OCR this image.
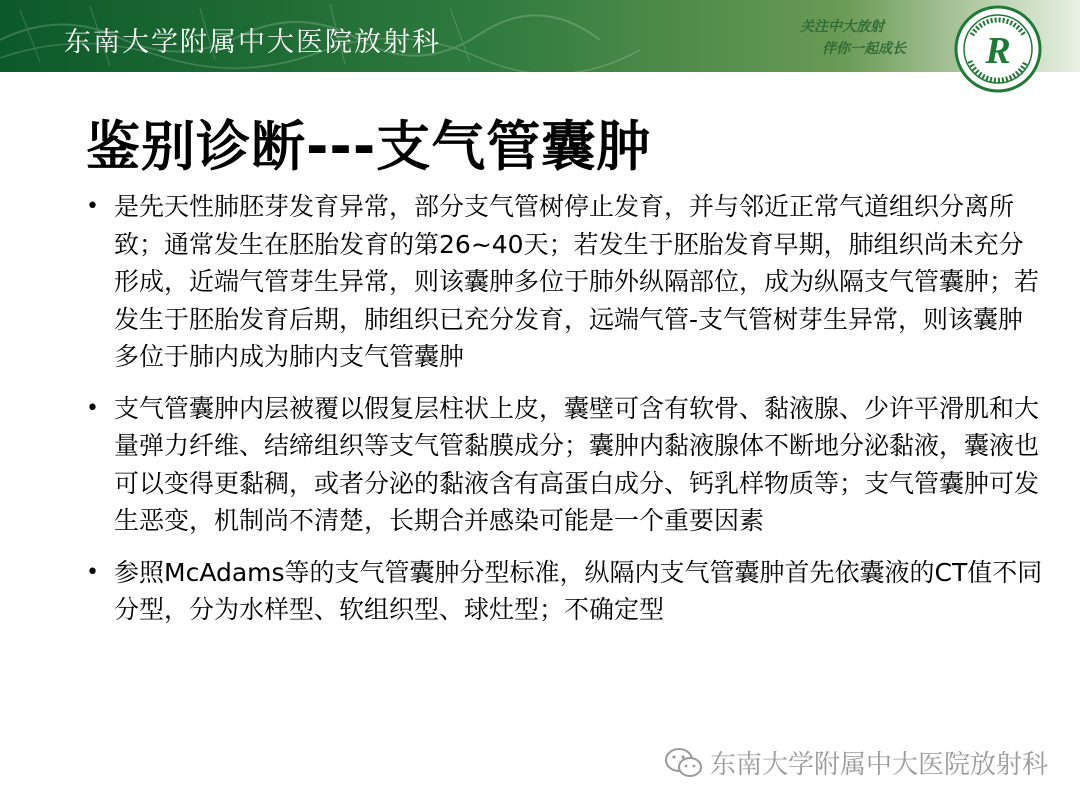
东南大学附属中大医院放射科	关注中大放射
伴你一起成长	R
鉴别诊断---支气管囊肿
• 是先天性肺胚芽发育异常，部分支气管树停止发育，并与邻近正常气道组织分离所致；通常发生在胚胎发育的第26~40天；若发生于胚胎发育早期，肺组织尚未充分形成，近端气管芽生异常，则该囊肿多位于肺外纵隔部位，成为纵隔支气管囊肿；若发生于胚胎发育后期，肺组织已充分发育，远端气管-支气管树芽生异常，则该囊肿多位于肺内成为肺内支气管囊肿
• 支气管囊肿内层被覆以假复层柱状上皮，囊壁可含有软骨、黏液腺、少许平滑肌和大量弹力纤维、结缔组织等支气管黏膜成分；囊肿内黏液腺体不断地分泌黏液，囊液也可以变得更黏稠，或者分泌的黏液含有高蛋白成分、钙乳样物质等；支气管囊肿可发生恶变，机制尚不清楚，长期合并感染可能是一个重要因素
• 参照McAdams等的支气管囊肿分型标准，纵隔内支气管囊肿首先依囊液的CT值不同分型，分为水样型、软组织型、球灶型；不确定型
东南大学附属中大医院放射科
